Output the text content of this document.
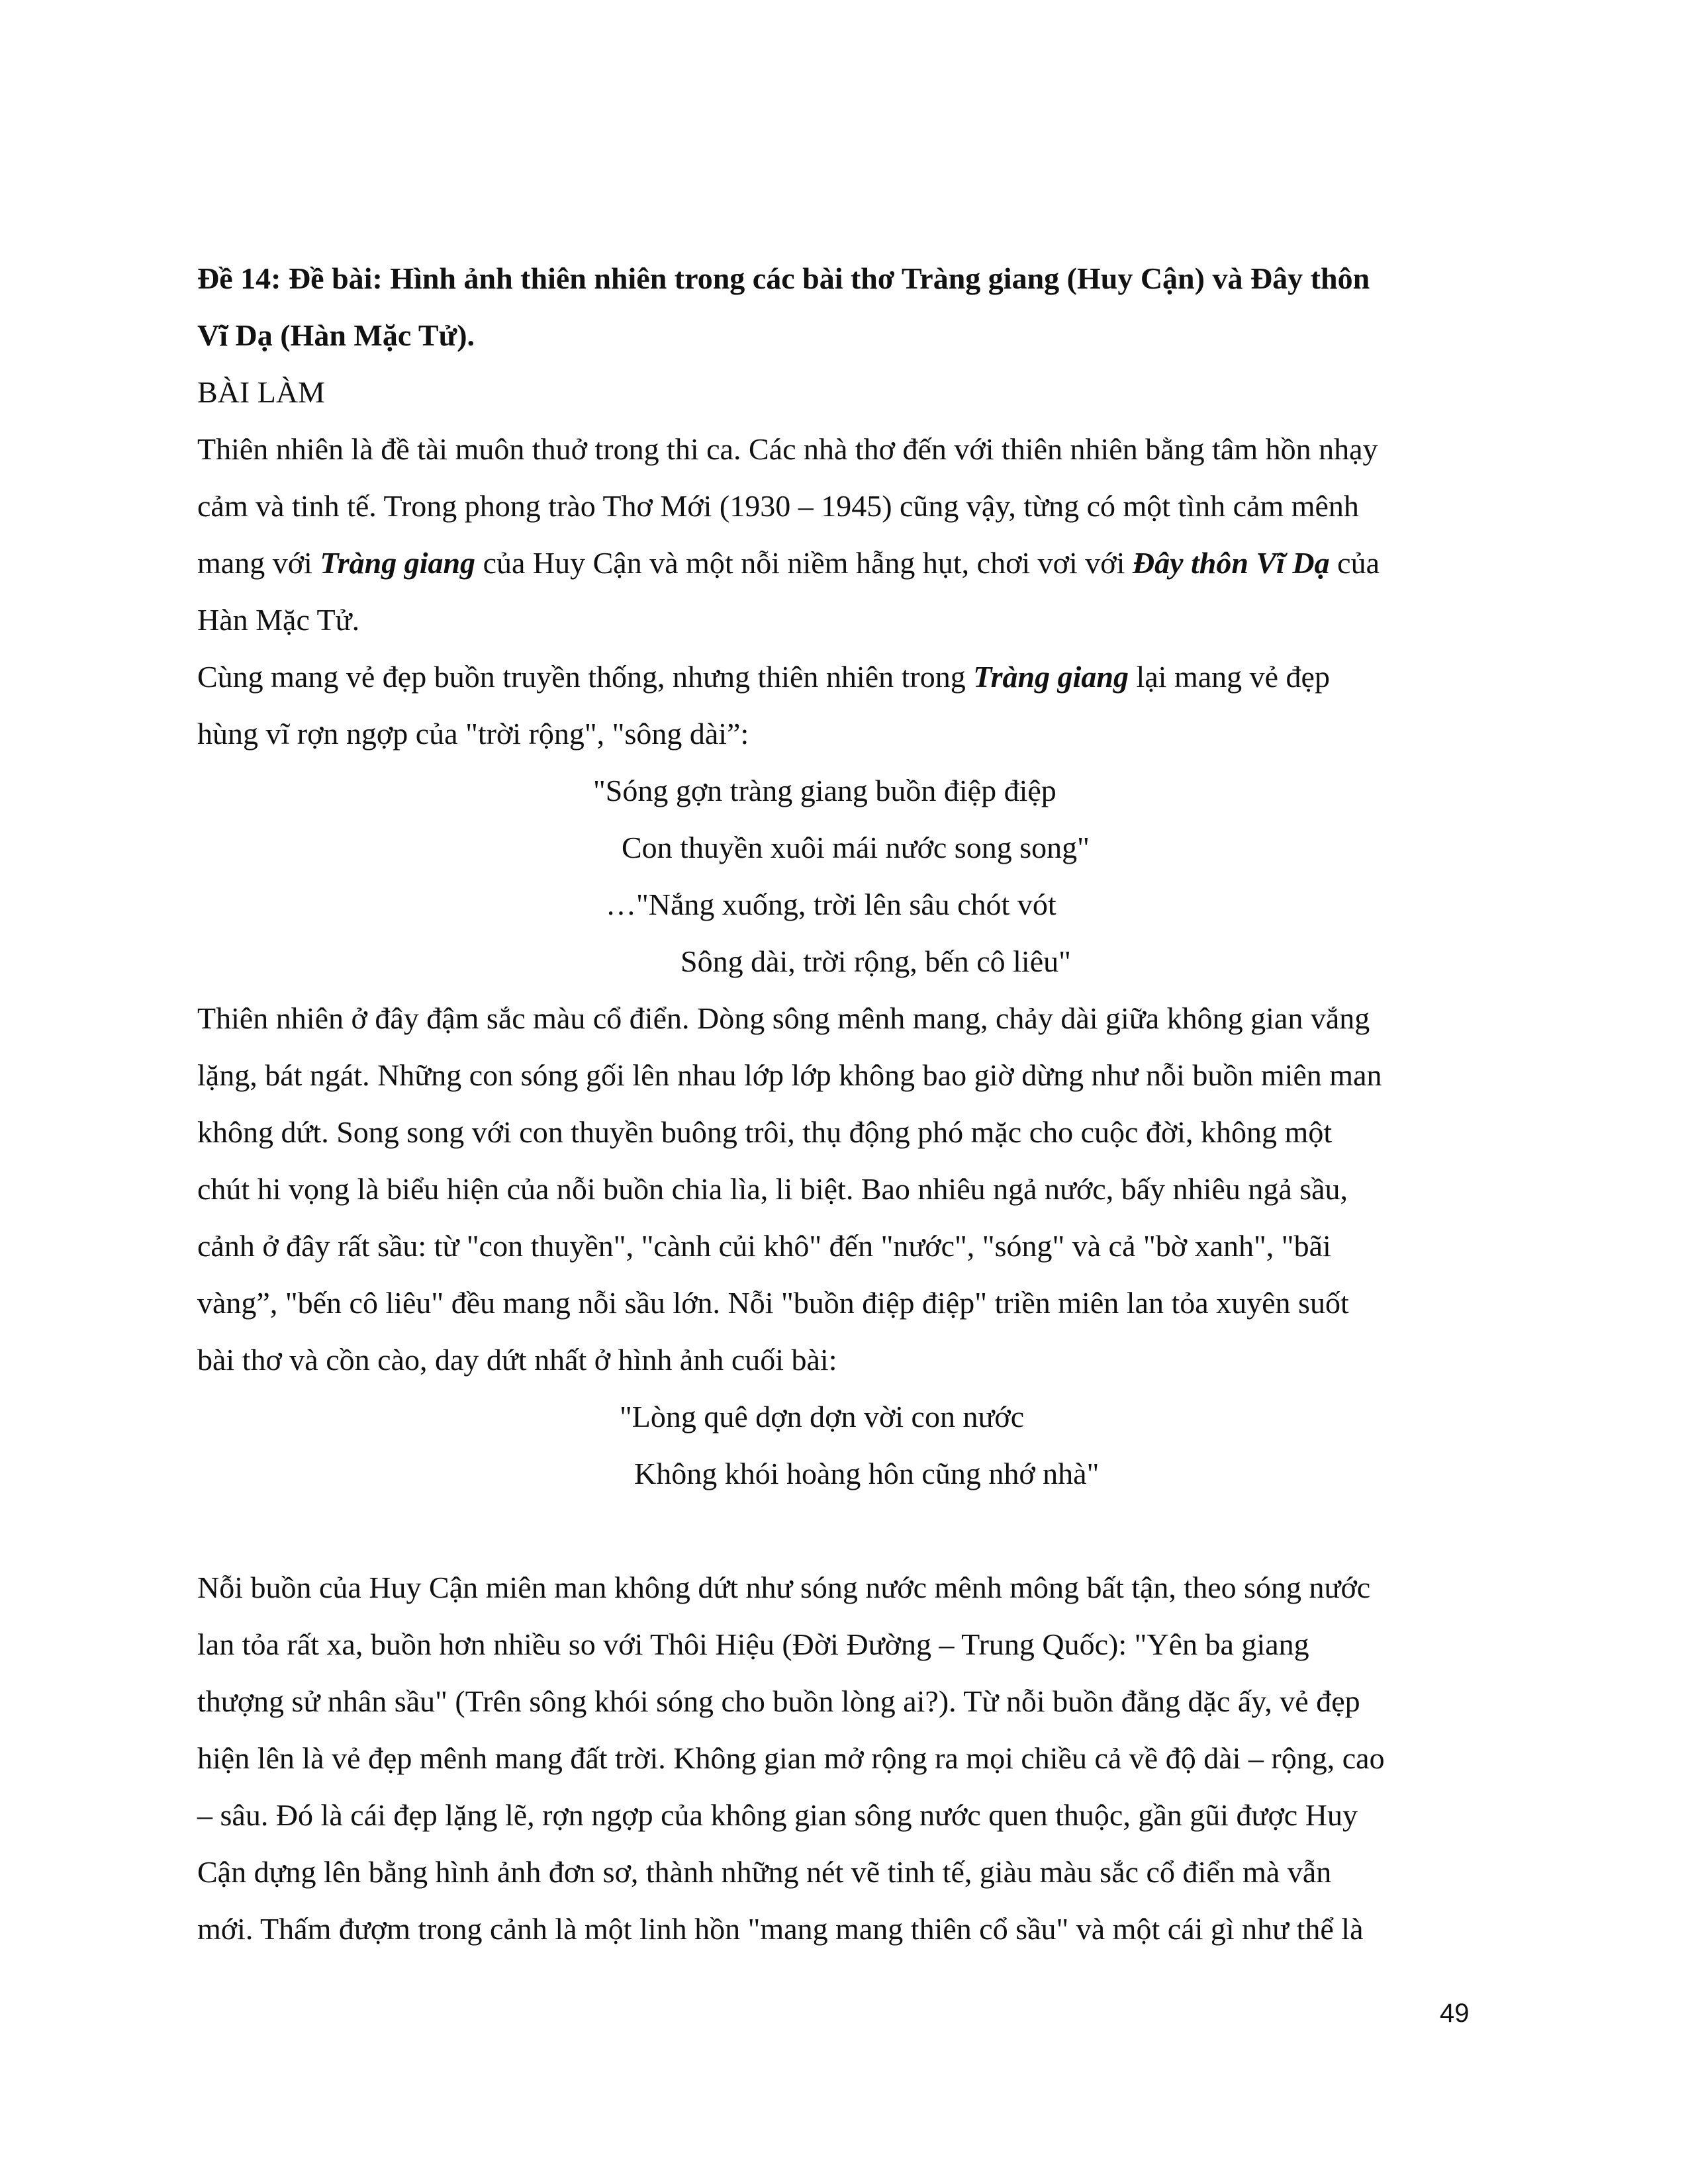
Đề 14: Đề bài: Hình ảnh thiên nhiên trong các bài thơ Tràng giang (Huy Cận) và Đây thôn
Vĩ Dạ (Hàn Mặc Tử).
BÀI LÀM
Thiên nhiên là đề tài muôn thuở trong thi ca. Các nhà thơ đến với thiên nhiên bằng tâm hồn nhạy
cảm và tinh tế. Trong phong trào Thơ Mới (1930 – 1945) cũng vậy, từng có một tình cảm mênh
mang với Tràng giang của Huy Cận và một nỗi niềm hẫng hụt, chơi vơi với Đây thôn Vĩ Dạ của
Hàn Mặc Tử.
Cùng mang vẻ đẹp buồn truyền thống, nhưng thiên nhiên trong Tràng giang lại mang vẻ đẹp
hùng vĩ rợn ngợp của "trời rộng", "sông dài”:
"Sóng gợn tràng giang buồn điệp điệp
Con thuyền xuôi mái nước song song"
…"Nắng xuống, trời lên sâu chót vót
Sông dài, trời rộng, bến cô liêu"
Thiên nhiên ở đây đậm sắc màu cổ điển. Dòng sông mênh mang, chảy dài giữa không gian vắng
lặng, bát ngát. Những con sóng gối lên nhau lớp lớp không bao giờ dừng như nỗi buồn miên man
không dứt. Song song với con thuyền buông trôi, thụ động phó mặc cho cuộc đời, không một
chút hi vọng là biểu hiện của nỗi buồn chia lìa, li biệt. Bao nhiêu ngả nước, bấy nhiêu ngả sầu,
cảnh ở đây rất sầu: từ "con thuyền", "cành củi khô" đến "nước", "sóng" và cả "bờ xanh", "bãi
vàng”, "bến cô liêu" đều mang nỗi sầu lớn. Nỗi "buồn điệp điệp" triền miên lan tỏa xuyên suốt
bài thơ và cồn cào, day dứt nhất ở hình ảnh cuối bài:
"Lòng quê dợn dợn vời con nước
Không khói hoàng hôn cũng nhớ nhà"
Nỗi buồn của Huy Cận miên man không dứt như sóng nước mênh mông bất tận, theo sóng nước
lan tỏa rất xa, buồn hơn nhiều so với Thôi Hiệu (Đời Đường – Trung Quốc): "Yên ba giang
thượng sử nhân sầu" (Trên sông khói sóng cho buồn lòng ai?). Từ nỗi buồn đằng dặc ấy, vẻ đẹp
hiện lên là vẻ đẹp mênh mang đất trời. Không gian mở rộng ra mọi chiều cả về độ dài – rộng, cao
– sâu. Đó là cái đẹp lặng lẽ, rợn ngợp của không gian sông nước quen thuộc, gần gũi được Huy
Cận dựng lên bằng hình ảnh đơn sơ, thành những nét vẽ tinh tế, giàu màu sắc cổ điển mà vẫn
mới. Thấm đượm trong cảnh là một linh hồn "mang mang thiên cổ sầu" và một cái gì như thể là
49
